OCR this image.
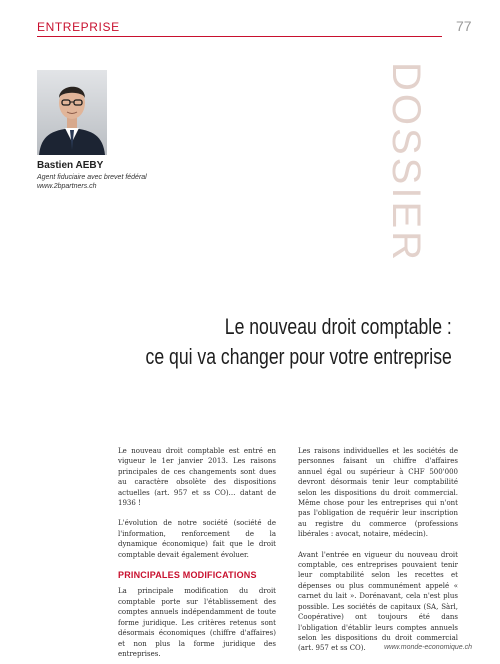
ENTREPRISE	77
Bastien AEBY
Agent fiduciaire avec brevet fédéral
www.2bpartners.ch	DOSSIER
Le nouveau droit comptable :
ce qui va changer pour votre entreprise

Le nouveau droit comptable est entré en vigueur le 1er janvier 2013. Les raisons principales de ces changements sont dues au caractère obsolète des dispositions actuelles (art. 957 et ss CO)… datant de 1936 !

L'évolution de notre société (société de l'information, renforcement de la dynamique économique) fait que le droit comptable devait également évoluer.

PRINCIPALES MODIFICATIONS

La principale modification du droit comptable porte sur l'établissement des comptes annuels indépendamment de toute forme juridique. Les critères retenus sont désormais économiques (chiffre d'affaires) et non plus la forme juridique des entreprises.

Les raisons individuelles et les sociétés de personnes faisant un chiffre d'affaires annuel égal ou supérieur à CHF 500'000 devront désormais tenir leur comptabilité selon les dispositions du droit commercial. Même chose pour les entreprises qui n'ont pas l'obligation de requérir leur inscription au registre du commerce (professions libérales : avocat, notaire, médecin).

Avant l'entrée en vigueur du nouveau droit comptable, ces entreprises pouvaient tenir leur comptabilité selon les recettes et dépenses ou plus communément appelé « carnet du lait ». Dorénavant, cela n'est plus possible. Les sociétés de capitaux (SA, Sàrl, Coopérative) ont toujours été dans l'obligation d'établir leurs comptes annuels selon les dispositions du droit commercial (art. 957 et ss CO).	www.monde-economique.ch
